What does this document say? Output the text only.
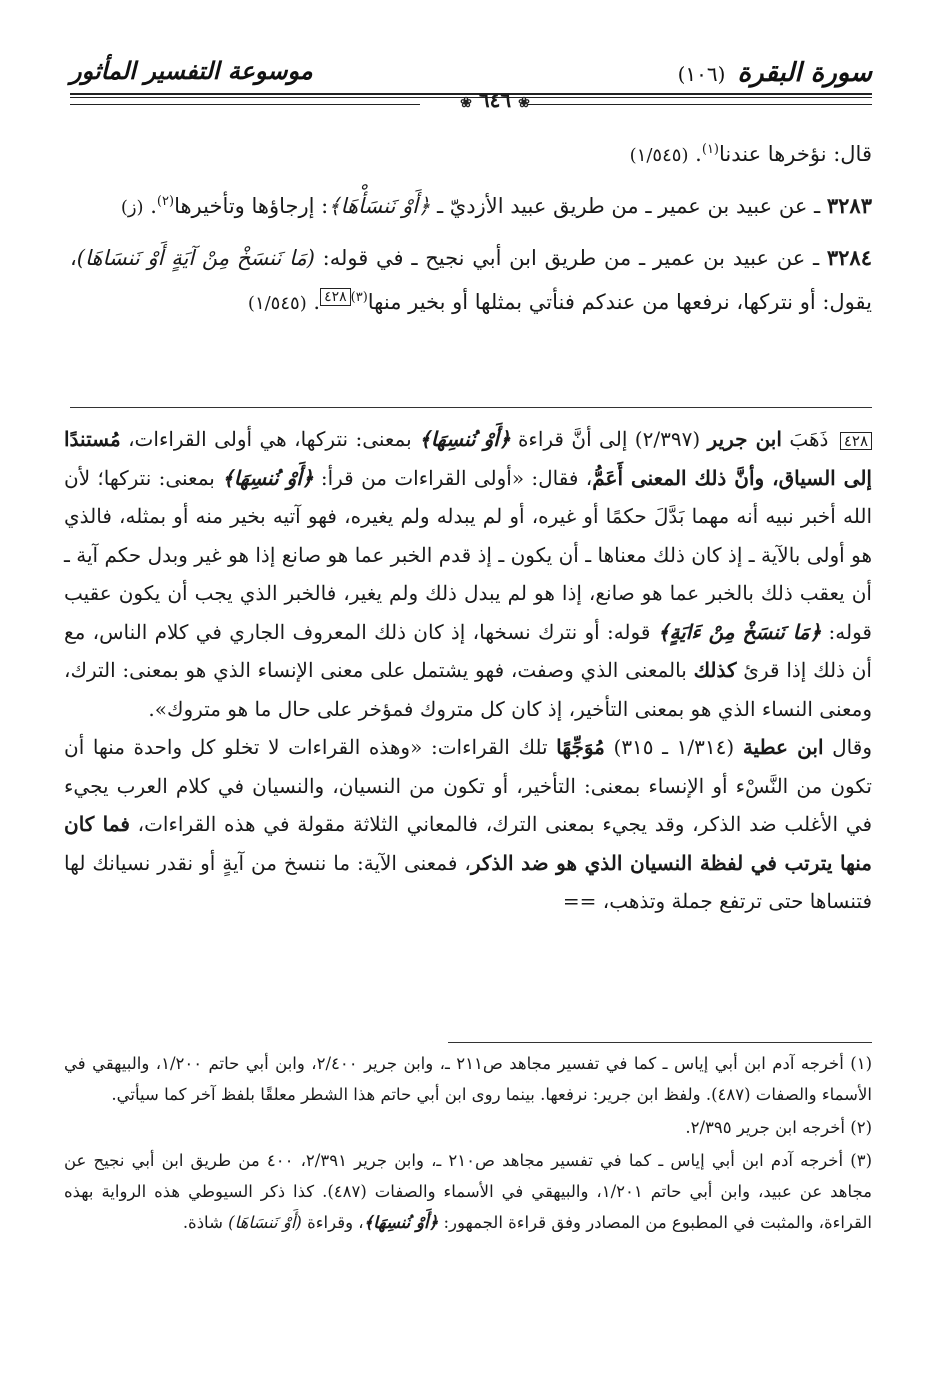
سورة البقرة
(١٠٦)
موسوعة التفسير المأثور
❀ ٦٤٦ ❀

قال: نؤخرها عندنا$^{(١)}$. (١/٥٤٥)

٣٢٨٣ ـ عن عبيد بن عمير ـ من طريق عبيد الأزديّ ـ ﴿أَوْ نَنسَأْهَا﴾: إرجاؤها وتأخيرها$^{(٢)}$. (ز)

٣٢٨٤ ـ عن عبيد بن عمير ـ من طريق ابن أبي نجيح ـ في قوله: (مَا نَنسَخْ مِنْ آيَةٍ أَوْ نَنسَاهَا)، يقول: أو نتركها، نرفعها من عندكم فنأتي بمثلها أو بخير منها$^{(٣)}$٤٢٨. (١/٥٤٥)

٤٢٨ ذَهَبَ ابن جرير (٢/٣٩٧) إلى أنَّ قراءة ﴿أَوْ نُنسِهَا﴾ بمعنى: نتركها، هي أولى القراءات، مُستندًا إلى السياق، وأنَّ ذلك المعنى أَعَمُّ، فقال: «أولى القراءات من قرأ: ﴿أَوْ نُنسِهَا﴾ بمعنى: نتركها؛ لأن الله أخبر نبيه أنه مهما بَدَّلَ حكمًا أو غيره، أو لم يبدله ولم يغيره، فهو آتيه بخير منه أو بمثله، فالذي هو أولى بالآية ـ إذ كان ذلك معناها ـ أن يكون ـ إذ قدم الخبر عما هو صانع إذا هو غير وبدل حكم آية ـ أن يعقب ذلك بالخبر عما هو صانع، إذا هو لم يبدل ذلك ولم يغير، فالخبر الذي يجب أن يكون عقيب قوله: ﴿مَا نَنسَخْ مِنْ ءَايَةٍ﴾ قوله: أو نترك نسخها، إذ كان ذلك المعروف الجاري في كلام الناس، مع أن ذلك إذا قرئ كذلك بالمعنى الذي وصفت، فهو يشتمل على معنى الإنساء الذي هو بمعنى: الترك، ومعنى النساء الذي هو بمعنى التأخير، إذ كان كل متروك فمؤخر على حال ما هو متروك».

وقال ابن عطية (١/٣١٤ ـ ٣١٥) مُوَجِّهًا تلك القراءات: «وهذه القراءات لا تخلو كل واحدة منها أن تكون من النَّسْء أو الإنساء بمعنى: التأخير، أو تكون من النسيان، والنسيان في كلام العرب يجيء في الأغلب ضد الذكر، وقد يجيء بمعنى الترك، فالمعاني الثلاثة مقولة في هذه القراءات، فما كان منها يترتب في لفظة النسيان الذي هو ضد الذكر، فمعنى الآية: ما ننسخ من آيةٍ أو نقدر نسيانك لها فتنساها حتى ترتفع جملة وتذهب، ==

(١) أخرجه آدم ابن أبي إياس ـ كما في تفسير مجاهد ص٢١١ ـ، وابن جرير ٢/٤٠٠، وابن أبي حاتم ١/٢٠٠، والبيهقي في الأسماء والصفات (٤٨٧). ولفظ ابن جرير: نرفعها. بينما روى ابن أبي حاتم هذا الشطر معلقًا بلفظ آخر كما سيأتي.

(٢) أخرجه ابن جرير ٢/٣٩٥.

(٣) أخرجه آدم ابن أبي إياس ـ كما في تفسير مجاهد ص٢١٠ ـ، وابن جرير ٢/٣٩١، ٤٠٠ من طريق ابن أبي نجيح عن مجاهد عن عبيد، وابن أبي حاتم ١/٢٠١، والبيهقي في الأسماء والصفات (٤٨٧). كذا ذكر السيوطي هذه الرواية بهذه القراءة، والمثبت في المطبوع من المصادر وفق قراءة الجمهور: ﴿أَوْ نُنسِهَا﴾، وقراءة (أَوْ نَنسَاهَا) شاذة.
